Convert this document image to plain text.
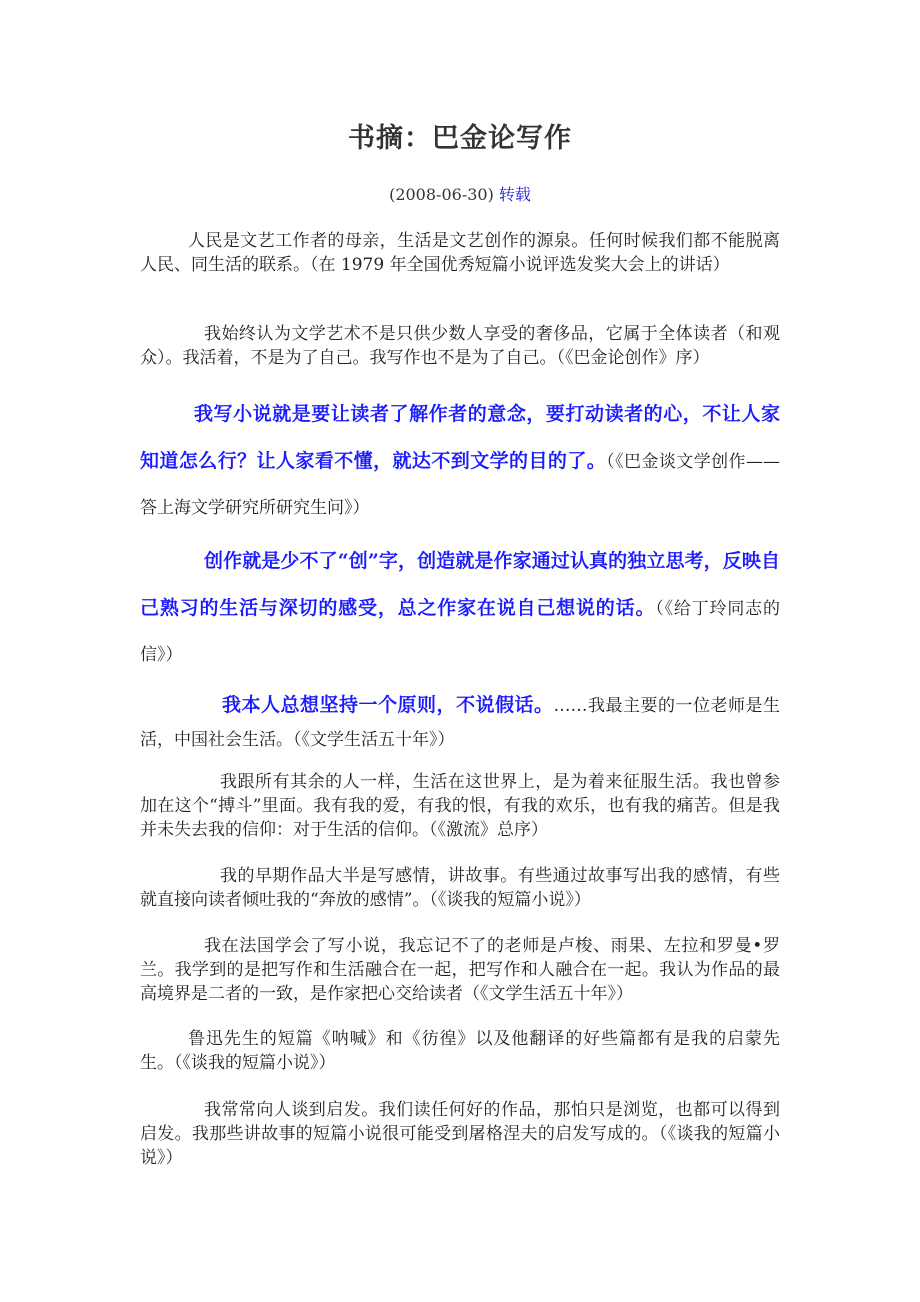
书摘：巴金论写作
(2008-06-30) 转载
人民是文艺工作者的母亲，生活是文艺创作的源泉。任何时候我们都不能脱离人民、同生活的联系。（在 1979 年全国优秀短篇小说评选发奖大会上的讲话）
我始终认为文学艺术不是只供少数人享受的奢侈品，它属于全体读者（和观众）。我活着，不是为了自己。我写作也不是为了自己。（《巴金论创作》序）
我写小说就是要让读者了解作者的意念，要打动读者的心，不让人家知道怎么行？让人家看不懂，就达不到文学的目的了。（《巴金谈文学创作——答上海文学研究所研究生问》）
创作就是少不了“创”字，创造就是作家通过认真的独立思考，反映自己熟习的生活与深切的感受，总之作家在说自己想说的话。（《给丁玲同志的信》）
我本人总想坚持一个原则，不说假话。……我最主要的一位老师是生活，中国社会生活。（《文学生活五十年》）
我跟所有其余的人一样，生活在这世界上，是为着来征服生活。我也曾参加在这个“搏斗”里面。我有我的爱，有我的恨，有我的欢乐，也有我的痛苦。但是我并未失去我的信仰：对于生活的信仰。（《激流》总序）
我的早期作品大半是写感情，讲故事。有些通过故事写出我的感情，有些就直接向读者倾吐我的“奔放的感情”。（《谈我的短篇小说》）
我在法国学会了写小说，我忘记不了的老师是卢梭、雨果、左拉和罗曼•罗兰。我学到的是把写作和生活融合在一起，把写作和人融合在一起。我认为作品的最高境界是二者的一致，是作家把心交给读者（《文学生活五十年》）
鲁迅先生的短篇《呐喊》和《彷徨》以及他翻译的好些篇都有是我的启蒙先生。（《谈我的短篇小说》）
我常常向人谈到启发。我们读任何好的作品，那怕只是浏览，也都可以得到启发。我那些讲故事的短篇小说很可能受到屠格涅夫的启发写成的。（《谈我的短篇小说》）
